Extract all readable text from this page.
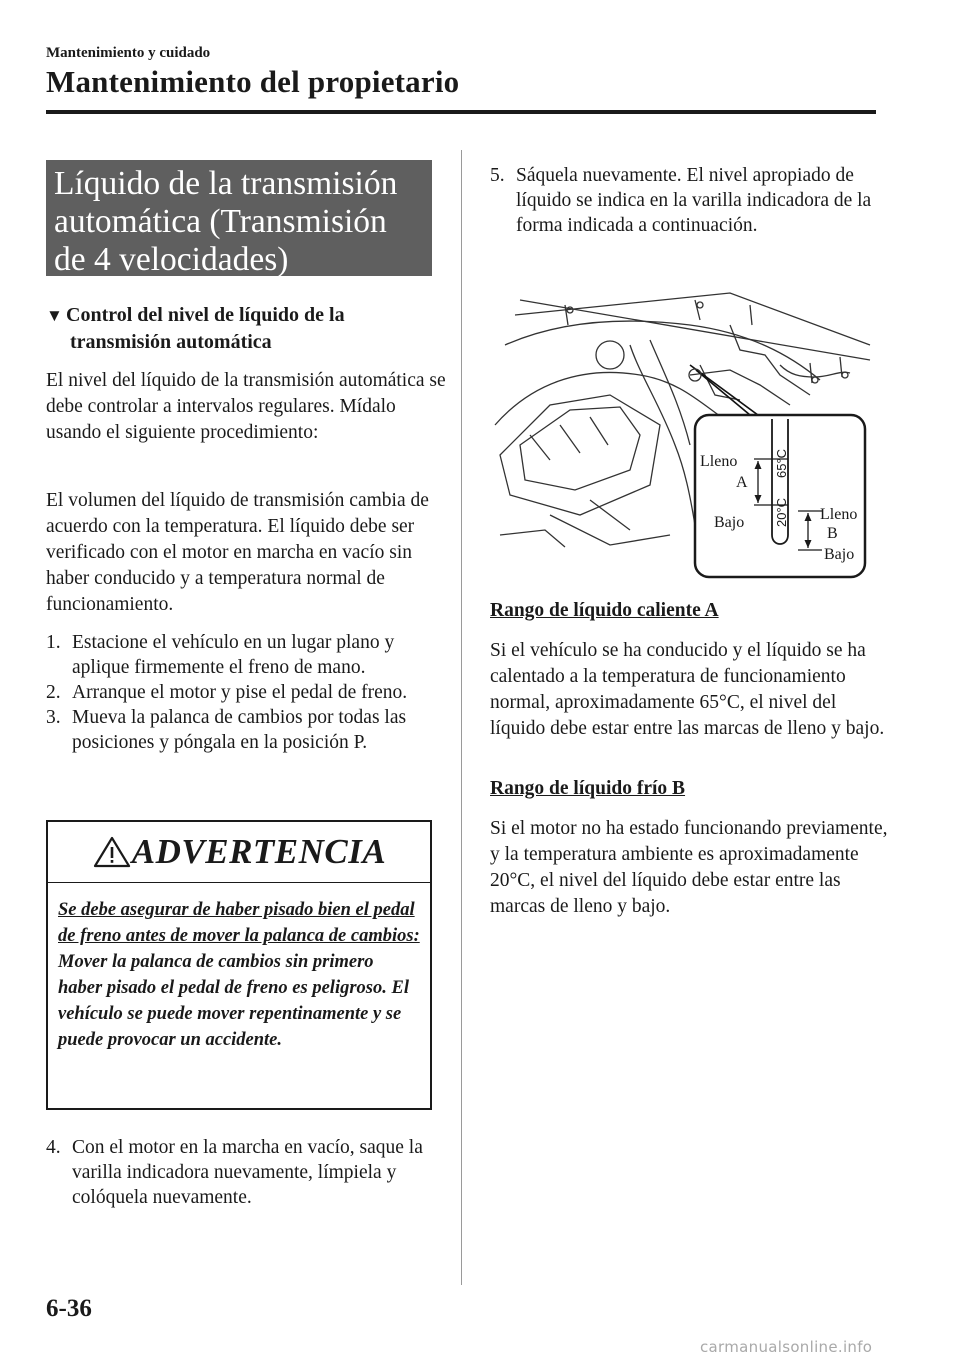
Mantenimiento y cuidado
Mantenimiento del propietario
Líquido de la transmisión
automática (Transmisión
de 4 velocidades)
▼ Control del nivel de líquido de la
transmisión automática
El nivel del líquido de la transmisión automática se debe controlar a intervalos regulares. Mídalo usando el siguiente procedimiento:
El volumen del líquido de transmisión cambia de acuerdo con la temperatura. El líquido debe ser verificado con el motor en marcha en vacío sin haber conducido y a temperatura normal de funcionamiento.
1. Estacione el vehículo en un lugar plano y aplique firmemente el freno de mano.
2. Arranque el motor y pise el pedal de freno.
3. Mueva la palanca de cambios por todas las posiciones y póngala en la posición P.
ADVERTENCIA
Se debe asegurar de haber pisado bien el pedal de freno antes de mover la palanca de cambios:
Mover la palanca de cambios sin primero haber pisado el pedal de freno es peligroso. El vehículo se puede mover repentinamente y se puede provocar un accidente.
4. Con el motor en la marcha en vacío, saque la varilla indicadora nuevamente, límpiela y colóquela nuevamente.
5. Sáquela nuevamente. El nivel apropiado de líquido se indica en la varilla indicadora de la forma indicada a continuación.
Lleno
A
Bajo	Lleno
B
Bajo
65°C
20°C
Rango de líquido caliente A
Si el vehículo se ha conducido y el líquido se ha calentado a la temperatura de funcionamiento normal, aproximadamente 65°C, el nivel del líquido debe estar entre las marcas de lleno y bajo.
Rango de líquido frío B
Si el motor no ha estado funcionando previamente, y la temperatura ambiente es aproximadamente 20°C, el nivel del líquido debe estar entre las marcas de lleno y bajo.
6-36
carmanualsonline.info
